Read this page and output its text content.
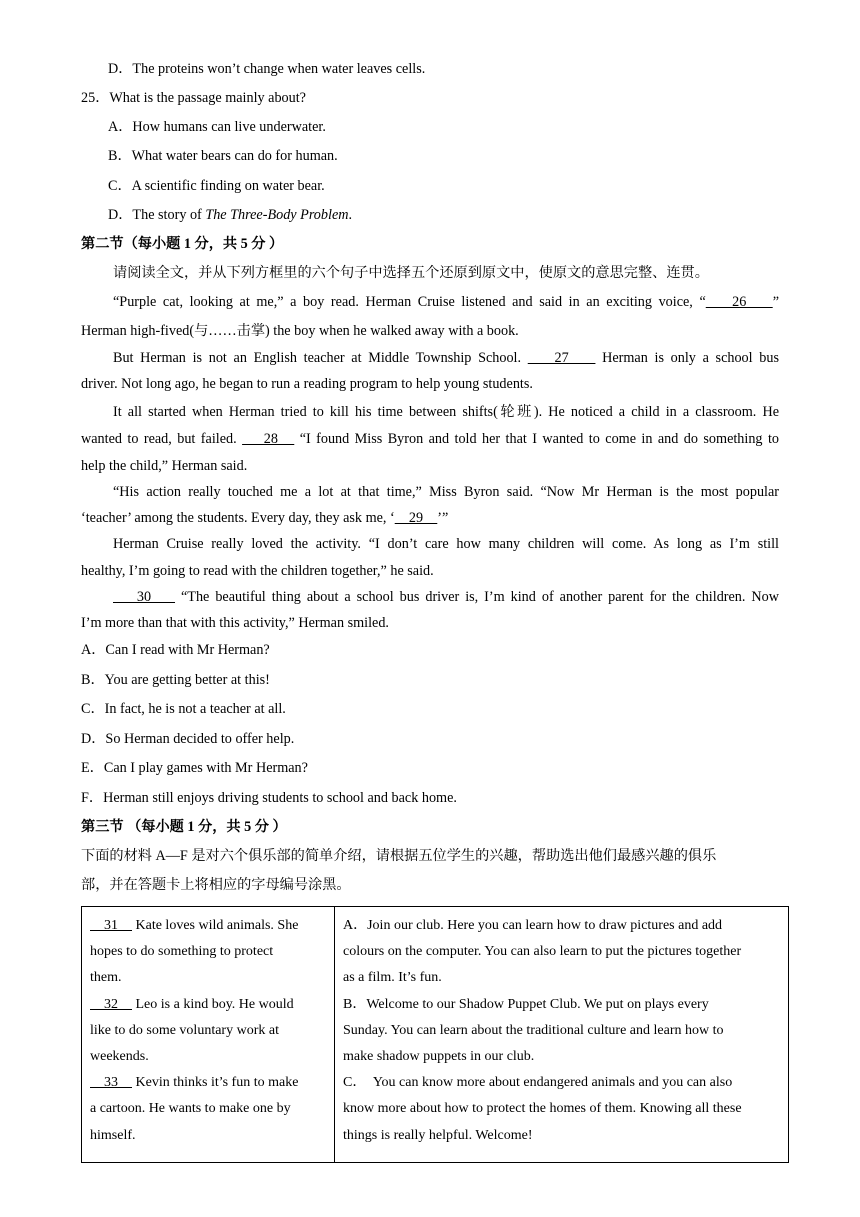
D．The proteins won’t change when water leaves cells.
25．What is the passage mainly about?
A．How humans can live underwater.
B．What water bears can do for human.
C．A scientific finding on water bear.
D．The story of The Three-Body Problem.
第二节（每小题 1 分，共 5 分 ）
请阅读全文，并从下列方框里的六个句子中选择五个还原到原文中，使原文的意思完整、连贯。
“Purple cat, looking at me,” a boy read. Herman Cruise listened and said in an exciting voice, “    26    ”
Herman high-fived(与……击掌) the boy when he walked away with a book.
But Herman is not an English teacher at Middle Township School.     27     Herman is only a school bus
driver. Not long ago, he began to run a reading program to help young students.
It all started when Herman tried to kill his time between shifts(轮班). He noticed a child in a classroom. He
wanted to read, but failed.     28    “I found Miss Byron and told her that I wanted to come in and do something to
help the child,” Herman said.
“His action really touched me a lot at that time,” Miss Byron said. “Now Mr Herman is the most popular
‘teacher’ among the students. Every day, they ask me, ‘    29    ’”
Herman Cruise really loved the activity. “I don’t care how many children will come. As long as I’m still
healthy, I’m going to read with the children together,” he said.
30     “The beautiful thing about a school bus driver is, I’m kind of another parent for the children. Now
I’m more than that with this activity,” Herman smiled.
A．Can I read with Mr Herman?
B．You are getting better at this!
C．In fact, he is not a teacher at all.
D．So Herman decided to offer help.
E．Can I play games with Mr Herman?
F．Herman still enjoys driving students to school and back home.
第三节 （每小题 1 分，共 5 分 ）
下面的材料 A—F 是对六个俱乐部的简单介绍，请根据五位学生的兴趣，帮助选出他们最感兴趣的俱乐
部，并在答题卡上将相应的字母编号涂黑。
31     Kate loves wild animals. She
hopes to do something to protect
them.
32     Leo is a kind boy. He would
like to do some voluntary work at
weekends.
33     Kevin thinks it’s fun to make
a cartoon. He wants to make one by
himself.

A．Join our club. Here you can learn how to draw pictures and add
colours on the computer. You can also learn to put the pictures together
as a film. It’s fun.
B．Welcome to our Shadow Puppet Club. We put on plays every
Sunday. You can learn about the traditional culture and learn how to
make shadow puppets in our club.
C．  You can know more about endangered animals and you can also
know more about how to protect the homes of them. Knowing all these
things is really helpful. Welcome!
